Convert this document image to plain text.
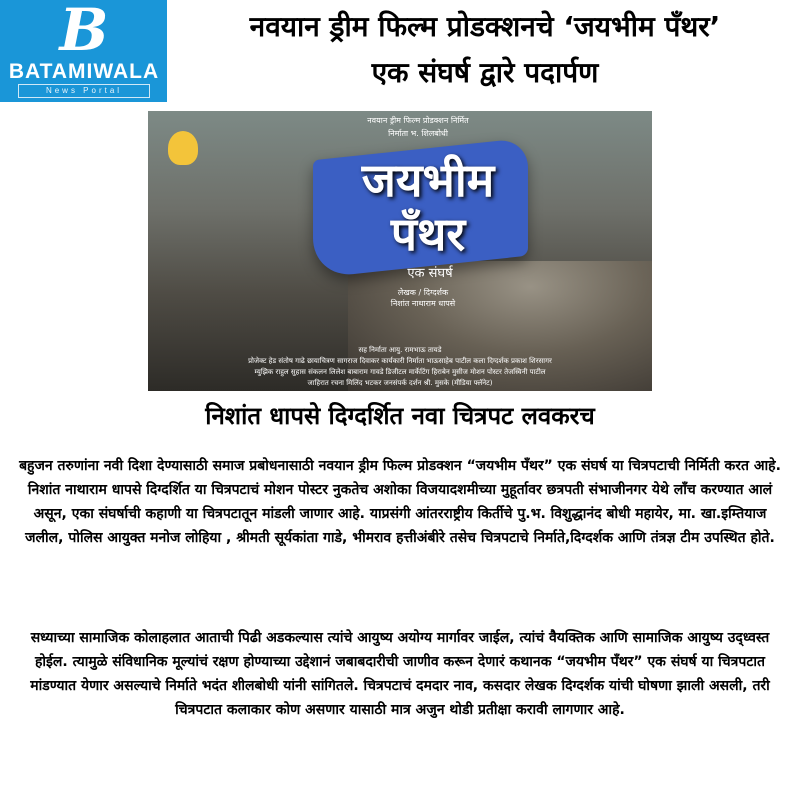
B
BATAMIWALA
News Portal
नवयान ड्रीम फिल्म प्रोडक्शनचे ‘जयभीम पँथर’
एक संघर्ष द्वारे पदार्पण
नवयान ड्रीम फिल्म प्रोडक्शन निर्मित
निर्माता भ. शिलबोधी
जयभीम
पँथर
एक संघर्ष
लेखक / दिग्दर्शक
निशांत नाथाराम धापसे
सह निर्माता आयु. रामभाऊ तायडे
प्रोजेक्ट हेड संतोष गाढे छायाचित्रण सागराज दिवाकर कार्यकारी निर्माता भाऊसाहेब पाटील कला दिग्दर्शक प्रकाश शिरसागर
म्युझिक राहुल सुहास संकलन लिलेश बाबाराम गावडे डिजीटल मार्केटिंग हिराबेन मुसीज मोशन पोस्टर तेजस्विनी पाटील
जाहिरात रचना मिलिंद भटकर जनसंपर्क दर्शन श्री. मुसके (मीडिया फ्लॅनेट)
निशांत धापसे दिग्दर्शित नवा चित्रपट लवकरच

बहुजन तरुणांना नवी दिशा देण्यासाठी समाज प्रबोधनासाठी नवयान ड्रीम फिल्म प्रोडक्शन “जयभीम पँथर” एक संघर्ष या चित्रपटाची निर्मिती करत आहे. निशांत नाथाराम धापसे दिग्दर्शित या चित्रपटाचं मोशन पोस्टर नुकतेच अशोका विजयादशमीच्या मुहूर्तावर छत्रपती संभाजीनगर येथे लाँच करण्यात आलं असून, एका संघर्षाची कहाणी या चित्रपटातून मांडली जाणार आहे. याप्रसंगी आंतरराष्ट्रीय किर्तीचे पु.भ. विशुद्धानंद बोधी महायेर, मा. खा.इम्तियाज जलील, पोलिस आयुक्त मनोज लोहिया , श्रीमती सूर्यकांता गाडे, भीमराव हत्तीअंबीरे तसेच चित्रपटाचे निर्माते,दिग्दर्शक आणि तंत्रज्ञ टीम उपस्थित होते.

सध्याच्या सामाजिक कोलाहलात आताची पिढी अडकल्यास त्यांचे आयुष्य अयोग्य मार्गावर जाईल, त्यांचं वैयक्तिक आणि सामाजिक आयुष्य उद्ध्वस्त होईल. त्यामुळे संविधानिक मूल्यांचं रक्षण होण्याच्या उद्देशानं जबाबदारीची जाणीव करून देणारं कथानक “जयभीम पँथर” एक संघर्ष या चित्रपटात मांडण्यात येणार असल्याचे निर्माते भदंत शीलबोधी यांनी सांगितले. चित्रपटाचं दमदार नाव, कसदार लेखक दिग्दर्शक यांची घोषणा झाली असली, तरी चित्रपटात कलाकार कोण असणार यासाठी मात्र अजुन थोडी प्रतीक्षा करावी लागणार आहे.
